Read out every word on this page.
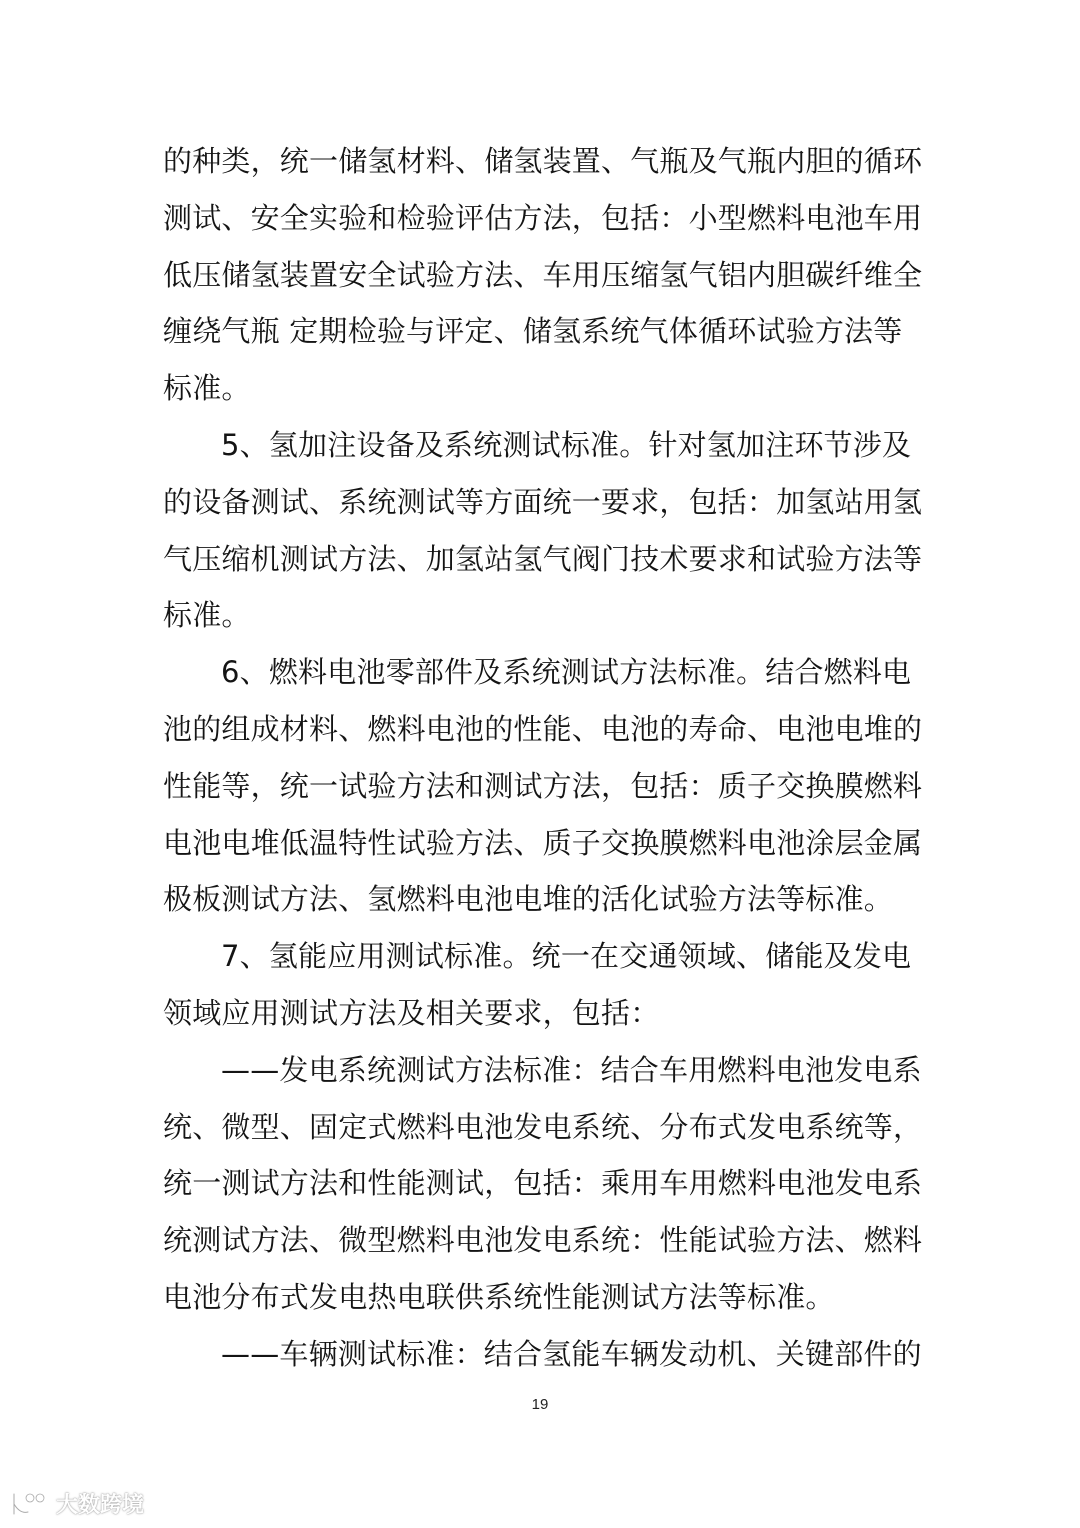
的种类，统一储氢材料、储氢装置、气瓶及气瓶内胆的循环
测试、安全实验和检验评估方法，包括：小型燃料电池车用
低压储氢装置安全试验方法、车用压缩氢气铝内胆碳纤维全
缠绕气瓶 定期检验与评定、储氢系统气体循环试验方法等
标准。
5、氢加注设备及系统测试标准。针对氢加注环节涉及
的设备测试、系统测试等方面统一要求，包括：加氢站用氢
气压缩机测试方法、加氢站氢气阀门技术要求和试验方法等
标准。
6、燃料电池零部件及系统测试方法标准。结合燃料电
池的组成材料、燃料电池的性能、电池的寿命、电池电堆的
性能等，统一试验方法和测试方法，包括：质子交换膜燃料
电池电堆低温特性试验方法、质子交换膜燃料电池涂层金属
极板测试方法、氢燃料电池电堆的活化试验方法等标准。
7、氢能应用测试标准。统一在交通领域、储能及发电
领域应用测试方法及相关要求，包括：
——发电系统测试方法标准：结合车用燃料电池发电系
统、微型、固定式燃料电池发电系统、分布式发电系统等，
统一测试方法和性能测试，包括：乘用车用燃料电池发电系
统测试方法、微型燃料电池发电系统：性能试验方法、燃料
电池分布式发电热电联供系统性能测试方法等标准。
——车辆测试标准：结合氢能车辆发动机、关键部件的
19
大数跨境
